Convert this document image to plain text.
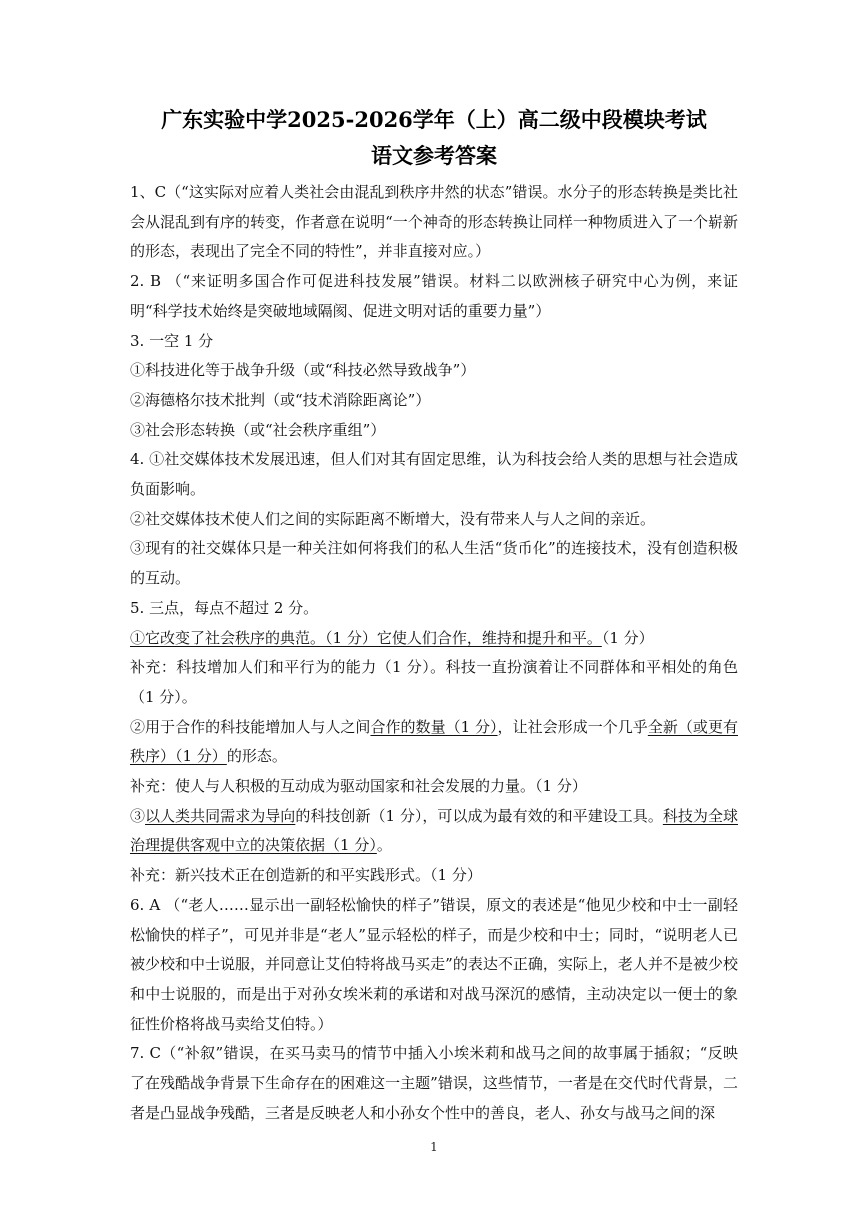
广东实验中学2025-2026学年（上）高二级中段模块考试
语文参考答案

1、C（“这实际对应着人类社会由混乱到秩序井然的状态”错误。水分子的形态转换是类比社会从混乱到有序的转变，作者意在说明“一个神奇的形态转换让同样一种物质进入了一个崭新的形态，表现出了完全不同的特性”，并非直接对应。）

2. B （“来证明多国合作可促进科技发展”错误。材料二以欧洲核子研究中心为例，来证明“科学技术始终是突破地域隔阂、促进文明对话的重要力量”）

3. 一空 1 分

①科技进化等于战争升级（或“科技必然导致战争”）

②海德格尔技术批判（或“技术消除距离论”）

③社会形态转换（或“社会秩序重组”）

4. ①社交媒体技术发展迅速，但人们对其有固定思维，认为科技会给人类的思想与社会造成负面影响。

②社交媒体技术使人们之间的实际距离不断增大，没有带来人与人之间的亲近。

③现有的社交媒体只是一种关注如何将我们的私人生活“货币化”的连接技术，没有创造积极的互动。

5. 三点，每点不超过 2 分。

①它改变了社会秩序的典范。（1 分）它使人们合作，维持和提升和平。（1 分）

补充：科技增加人们和平行为的能力（1 分）。科技一直扮演着让不同群体和平相处的角色（1 分）。

②用于合作的科技能增加人与人之间合作的数量（1 分），让社会形成一个几乎全新（或更有秩序）（1 分）的形态。

补充：使人与人积极的互动成为驱动国家和社会发展的力量。（1 分）

③以人类共同需求为导向的科技创新（1 分），可以成为最有效的和平建设工具。科技为全球治理提供客观中立的决策依据（1 分）。

补充：新兴技术正在创造新的和平实践形式。（1 分）

6. A （“老人……显示出一副轻松愉快的样子”错误，原文的表述是“他见少校和中士一副轻松愉快的样子”，可见并非是“老人”显示轻松的样子，而是少校和中士；同时，“说明老人已被少校和中士说服，并同意让艾伯特将战马买走”的表达不正确，实际上，老人并不是被少校和中士说服的，而是出于对孙女埃米莉的承诺和对战马深沉的感情，主动决定以一便士的象征性价格将战马卖给艾伯特。）

7. C（“补叙”错误，在买马卖马的情节中插入小埃米莉和战马之间的故事属于插叙；“反映了在残酷战争背景下生命存在的困难这一主题”错误，这些情节，一者是在交代时代背景，二者是凸显战争残酷，三者是反映老人和小孙女个性中的善良，老人、孙女与战马之间的深

1
